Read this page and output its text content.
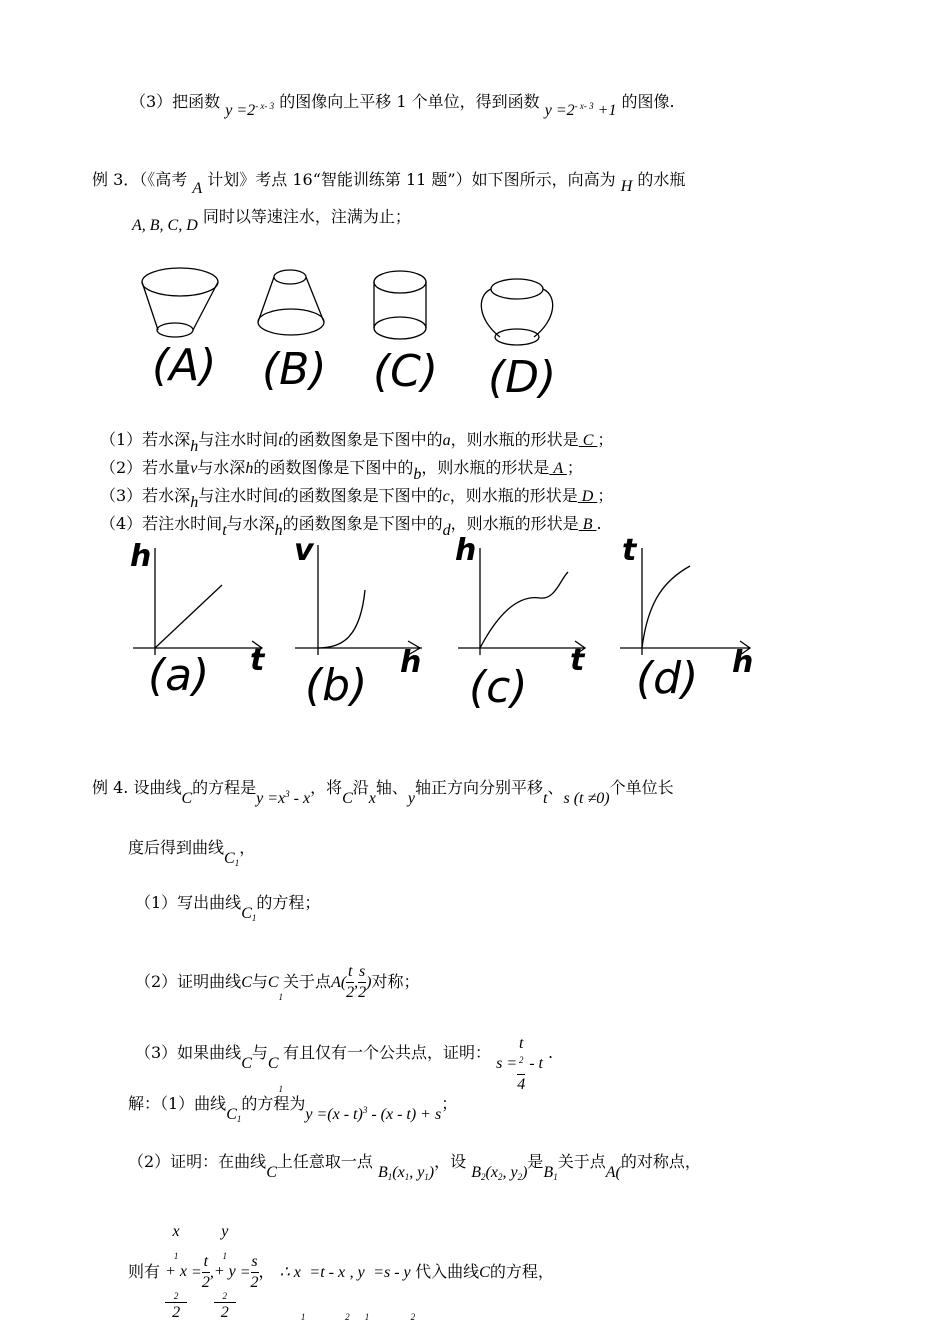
（3）把函数 $y =2^{- x- 3}$ 的图像向上平移 1 个单位，得到函数 $y =2^{- x- 3} +1$ 的图像.
例 3．（《高考 A 计划》考点 16“智能训练第 11 题”）如下图所示，向高为 H 的水瓶
A, B, C, D 同时以等速注水，注满为止；
(A) (B) (C) (D)
h
t
v
h
h
t
t
h
(a) (b) (c) (d)
（1）若水深h与注水时间t的函数图象是下图中的a，则水瓶的形状是 C ；
（2）若水量v与水深h的函数图像是下图中的b，则水瓶的形状是 A ；
（3）若水深h与注水时间t的函数图象是下图中的c，则水瓶的形状是 D ；
（4）若注水时间t与水深h的函数图象是下图中的d，则水瓶的形状是 B .
例 4. 设曲线C的方程是$y =x^3 - x$，将C沿x轴、y轴正方向分别平移t、s (t ≠0)个单位长
度后得到曲线$C_1$，
（1）写出曲线$C_1$的方程；
（2）证明曲线C与$C_1$关于点$A( \frac{t}{2}$ , $\frac{s}{2}$ )对称；
（3）如果曲线C与$C_1$有且仅有一个公共点，证明： s = t
2
4 - t .
解：（1）曲线$C_1$的方程为y =(x - t)$^3$ - (x - t) + s；
（2）证明：在曲线C上任意取一点 $B_1(x_1$, $y_1$)，设 $B_2(x_2$, $y_2$)是$B_1$关于点A(的对称点，
则有 x
1
+ x
2
$2 = \frac{t}{2}$ , y
1
+ y
2
$2 = \frac{s}{2}$ ， ∴ $x_1 =t - x_2$, $y_1 =s - y_2$代入曲线C的方程，
